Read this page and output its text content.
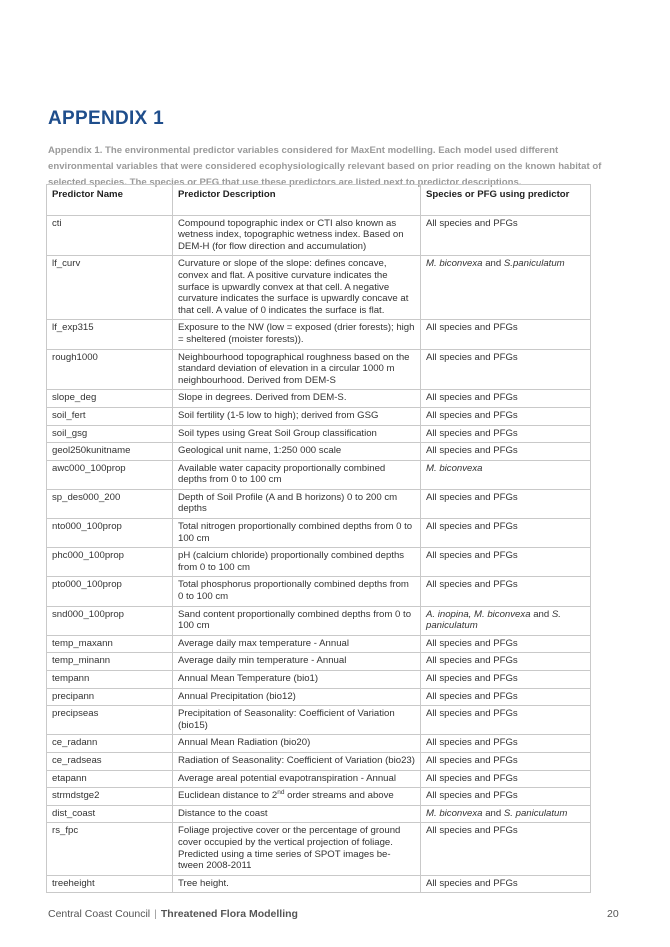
APPENDIX 1

Appendix 1. The environmental predictor variables considered for MaxEnt modelling. Each model used different environmental variables that were considered ecophysiologically relevant based on prior reading on the known habitat of selected species. The species or PFG that use these predictors are listed next to predictor descriptions.

Predictor Name	Predictor Description	Species or PFG using predictor
cti	Compound topographic index or CTI also known as wetness index, topographic wetness index. Based on DEM-H (for flow direction and accumulation)	All species and PFGs
lf_curv	Curvature or slope of the slope: defines concave, convex and flat. A positive curvature indicates the surface is upwardly convex at that cell. A negative curvature indicates the surface is upwardly concave at that cell. A value of 0 indicates the surface is flat.	M. biconvexa and S.paniculatum
lf_exp315	Exposure to the NW (low = exposed (drier forests); high = sheltered (moister forests)).	All species and PFGs
rough1000	Neighbourhood topographical roughness based on the standard deviation of elevation in a circular 1000 m neighbourhood. Derived from DEM-S	All species and PFGs
slope_deg	Slope in degrees. Derived from DEM-S.	All species and PFGs
soil_fert	Soil fertility (1-5 low to high); derived from GSG	All species and PFGs
soil_gsg	Soil types using Great Soil Group classification	All species and PFGs
geol250kunitname	Geological unit name, 1:250 000 scale	All species and PFGs
awc000_100prop	Available water capacity proportionally combined depths from 0 to 100 cm	M. biconvexa
sp_des000_200	Depth of Soil Profile (A and B horizons) 0 to 200 cm depths	All species and PFGs
nto000_100prop	Total nitrogen proportionally combined depths from 0 to 100 cm	All species and PFGs
phc000_100prop	pH (calcium chloride) proportionally combined depths from 0 to 100 cm	All species and PFGs
pto000_100prop	Total phosphorus proportionally combined depths from 0 to 100 cm	All species and PFGs
snd000_100prop	Sand content proportionally combined depths from 0 to 100 cm	A. inopina, M. biconvexa and S. paniculatum
temp_maxann	Average daily max temperature - Annual	All species and PFGs
temp_minann	Average daily min temperature - Annual	All species and PFGs
tempann	Annual Mean Temperature (bio1)	All species and PFGs
precipann	Annual Precipitation (bio12)	All species and PFGs
precipseas	Precipitation of Seasonality: Coefficient of Variation (bio15)	All species and PFGs
ce_radann	Annual Mean Radiation (bio20)	All species and PFGs
ce_radseas	Radiation of Seasonality: Coefficient of Variation (bio23)	All species and PFGs
etapann	Average areal potential evapotranspiration - Annual	All species and PFGs
strmdstge2	Euclidean distance to 2nd order streams and above	All species and PFGs
dist_coast	Distance to the coast	M. biconvexa and S. paniculatum
rs_fpc	Foliage projective cover or the percentage of ground cover occupied by the vertical projection of foliage. Predicted using a time series of SPOT images be-tween 2008-2011	All species and PFGs
treeheight	Tree height.	All species and PFGs
Central Coast Council | Threatened Flora Modelling	20
